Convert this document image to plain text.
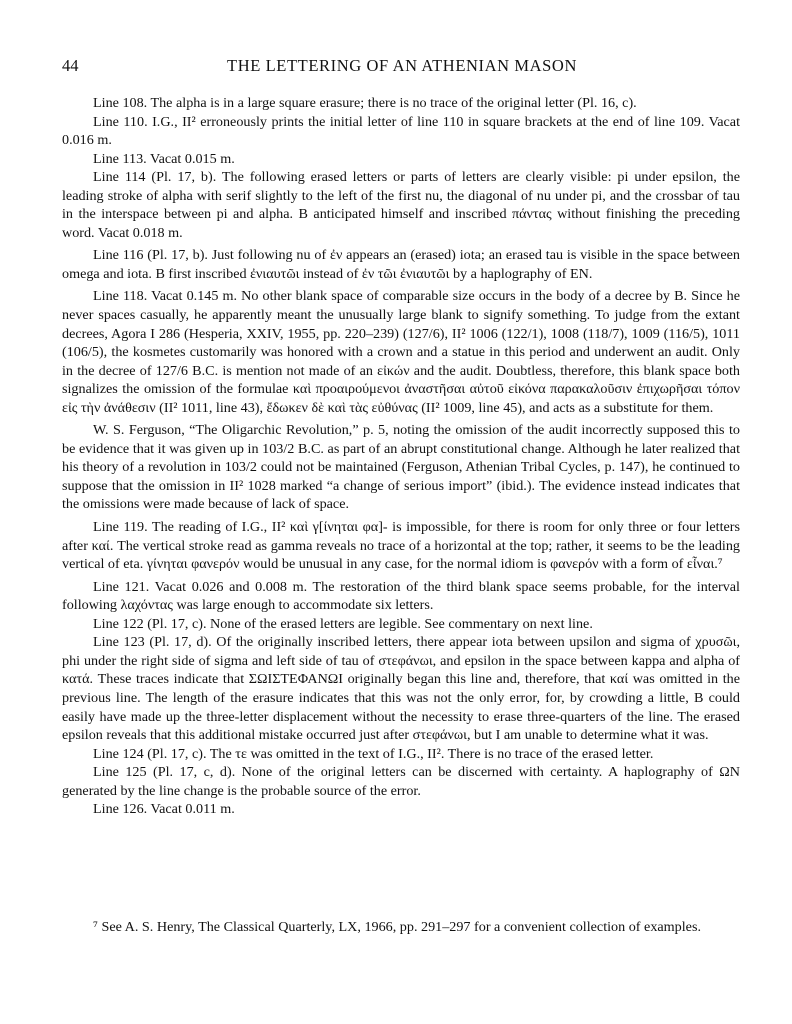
44	THE LETTERING OF AN ATHENIAN MASON

Line 108. The alpha is in a large square erasure; there is no trace of the original letter (Pl. 16, c).

Line 110. I.G., II² erroneously prints the initial letter of line 110 in square brackets at the end of line 109. Vacat 0.016 m.

Line 113. Vacat 0.015 m.

Line 114 (Pl. 17, b). The following erased letters or parts of letters are clearly visible: pi under epsilon, the leading stroke of alpha with serif slightly to the left of the first nu, the diagonal of nu under pi, and the crossbar of tau in the interspace between pi and alpha. B anticipated himself and inscribed πάντας without finishing the preceding word. Vacat 0.018 m.

Line 116 (Pl. 17, b). Just following nu of ἐν appears an (erased) iota; an erased tau is visible in the space between omega and iota. B first inscribed ἐνιαυτῶι instead of ἐν τῶι ἐνιαυτῶι by a haplography of EN.

Line 118. Vacat 0.145 m. No other blank space of comparable size occurs in the body of a decree by B. Since he never spaces casually, he apparently meant the unusually large blank to signify something. To judge from the extant decrees, Agora I 286 (Hesperia, XXIV, 1955, pp. 220–239) (127/6), II² 1006 (122/1), 1008 (118/7), 1009 (116/5), 1011 (106/5), the kosmetes customarily was honored with a crown and a statue in this period and underwent an audit. Only in the decree of 127/6 B.C. is mention not made of an εἰκών and the audit. Doubtless, therefore, this blank space both signalizes the omission of the formulae καὶ προαιρούμενοι ἀναστῆσαι αὐτοῦ εἰκόνα παρακαλοῦσιν ἐπιχωρῆσαι τόπον εἰς τὴν ἀνάθεσιν (II² 1011, line 43), ἔδωκεν δὲ καὶ τὰς εὐθύνας (II² 1009, line 45), and acts as a substitute for them.

W. S. Ferguson, “The Oligarchic Revolution,” p. 5, noting the omission of the audit incorrectly supposed this to be evidence that it was given up in 103/2 B.C. as part of an abrupt constitutional change. Although he later realized that his theory of a revolution in 103/2 could not be maintained (Ferguson, Athenian Tribal Cycles, p. 147), he continued to suppose that the omission in II² 1028 marked “a change of serious import” (ibid.). The evidence instead indicates that the omissions were made because of lack of space.

Line 119. The reading of I.G., II² καὶ γ[ίνηται φα]- is impossible, for there is room for only three or four letters after καί. The vertical stroke read as gamma reveals no trace of a horizontal at the top; rather, it seems to be the leading vertical of eta. γίνηται φανερόν would be unusual in any case, for the normal idiom is φανερόν with a form of εἶναι.⁷

Line 121. Vacat 0.026 and 0.008 m. The restoration of the third blank space seems probable, for the interval following λαχόντας was large enough to accommodate six letters.

Line 122 (Pl. 17, c). None of the erased letters are legible. See commentary on next line.

Line 123 (Pl. 17, d). Of the originally inscribed letters, there appear iota between upsilon and sigma of χρυσῶι, phi under the right side of sigma and left side of tau of στεφάνωι, and epsilon in the space between kappa and alpha of κατά. These traces indicate that ΣΩΙΣΤΕΦΑΝΩΙ originally began this line and, therefore, that καί was omitted in the previous line. The length of the erasure indicates that this was not the only error, for, by crowding a little, B could easily have made up the three-letter displacement without the necessity to erase three-quarters of the line. The erased epsilon reveals that this additional mistake occurred just after στεφάνωι, but I am unable to determine what it was.

Line 124 (Pl. 17, c). The τε was omitted in the text of I.G., II². There is no trace of the erased letter.

Line 125 (Pl. 17, c, d). None of the original letters can be discerned with certainty. A haplography of ΩN generated by the line change is the probable source of the error.

Line 126. Vacat 0.011 m.

⁷ See A. S. Henry, The Classical Quarterly, LX, 1966, pp. 291–297 for a convenient collection of examples.
